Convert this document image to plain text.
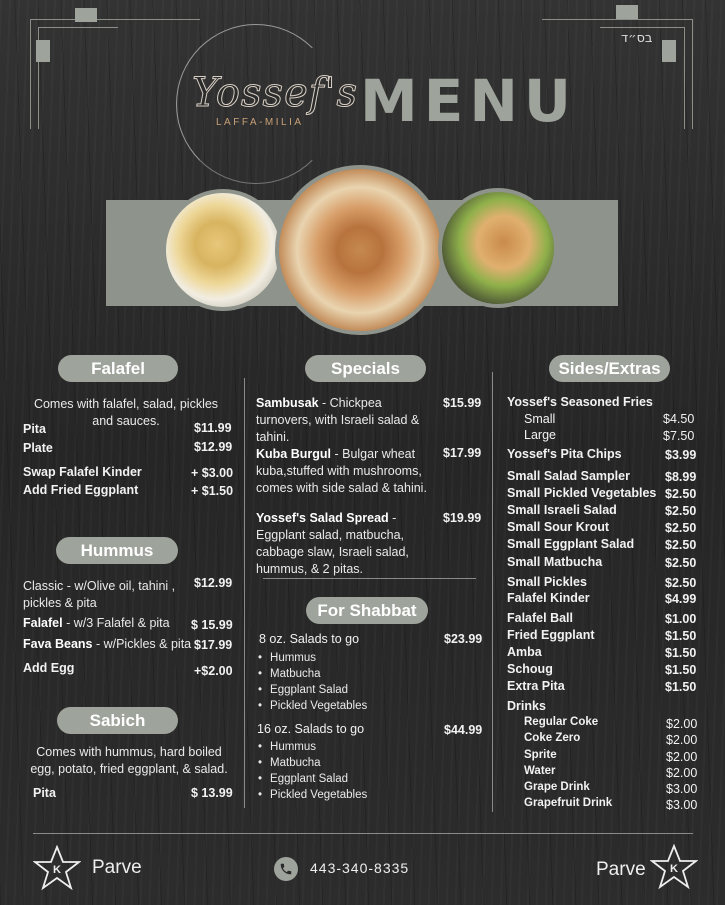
בס״ד
Yossef's
LAFFA-MILIA MENU
Falafel
Comes with falafel, salad, pickles and sauces.
Pita	$11.99
Plate	$12.99
Swap Falafel Kinder	+ $3.00
Add Fried Eggplant	+ $1.50
Hummus
Classic - w/Olive oil, tahini , pickles & pita
$12.99
Falafel - w/3 Falafel & pita	$ 15.99
Fava Beans - w/Pickles & pita $17.99
Add Egg	+$2.00
Sabich
Comes with hummus, hard boiled egg, potato, fried eggplant, & salad.
Pita	$ 13.99
Specials
Sambusak - Chickpea turnovers, with Israeli salad & tahini.
$15.99
Kuba Burgul - Bulgar wheat kuba,stuffed with mushrooms, comes with side salad & tahini.
$17.99
Yossef's Salad Spread - Eggplant salad, matbucha, cabbage slaw, Israeli salad, hummus, & 2 pitas.
$19.99
For Shabbat
8 oz. Salads to go	$23.99
• Hummus
• Matbucha
• Eggplant Salad
• Pickled Vegetables
16 oz. Salads to go	$44.99
• Hummus
• Matbucha
• Eggplant Salad
• Pickled Vegetables
Sides/Extras
Yossef's Seasoned Fries
Small	$4.50
Large	$7.50
Yossef's Pita Chips	$3.99
Small Salad Sampler	$8.99
Small Pickled Vegetables $2.50
Small Israeli Salad	$2.50
Small Sour Krout	$2.50
Small Eggplant Salad $2.50
Small Matbucha	$2.50
Small Pickles	$2.50
Falafel Kinder	$4.99
Falafel Ball	$1.00
Fried Eggplant	$1.50
Amba	$1.50
Schoug	$1.50
Extra Pita	$1.50
Drinks
Regular Coke	$2.00
Coke Zero	$2.00
Sprite	$2.00
Water	$2.00
Grape Drink	$3.00
Grapefruit Drink	$3.00
K Parve	443-340-8335	Parve K
